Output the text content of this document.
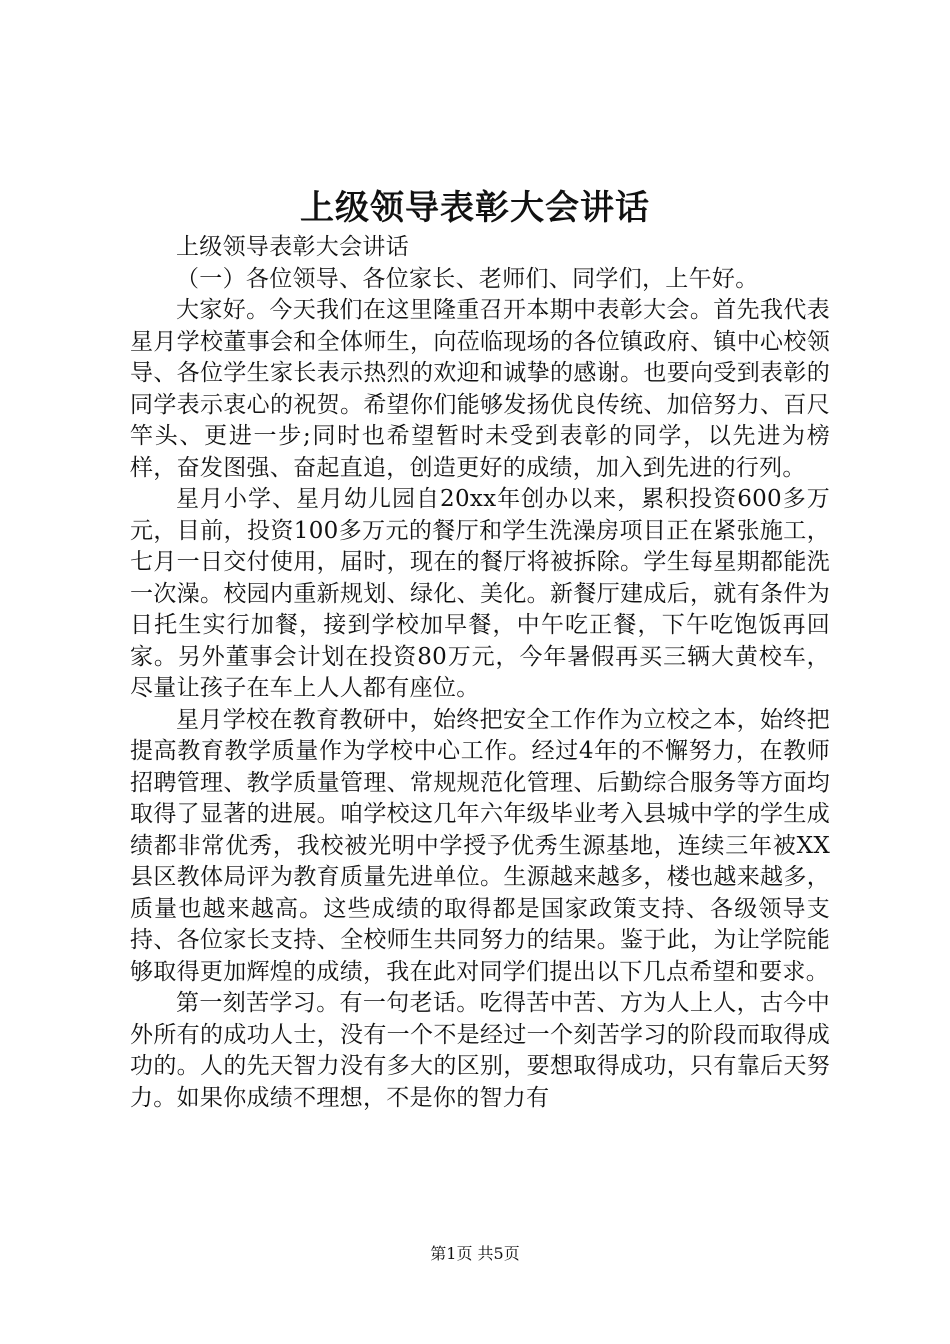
上级领导表彰大会讲话

上级领导表彰大会讲话

（一）各位领导、各位家长、老师们、同学们，上午好。

大家好。今天我们在这里隆重召开本期中表彰大会。首先我代表星月学校董事会和全体师生，向莅临现场的各位镇政府、镇中心校领导、各位学生家长表示热烈的欢迎和诚挚的感谢。也要向受到表彰的同学表示衷心的祝贺。希望你们能够发扬优良传统、加倍努力、百尺竿头、更进一步;同时也希望暂时未受到表彰的同学，以先进为榜样，奋发图强、奋起直追，创造更好的成绩，加入到先进的行列。

星月小学、星月幼儿园自20xx年创办以来，累积投资600多万元，目前，投资100多万元的餐厅和学生洗澡房项目正在紧张施工，七月一日交付使用，届时，现在的餐厅将被拆除。学生每星期都能洗一次澡。校园内重新规划、绿化、美化。新餐厅建成后，就有条件为日托生实行加餐，接到学校加早餐，中午吃正餐，下午吃饱饭再回家。另外董事会计划在投资80万元，今年暑假再买三辆大黄校车，尽量让孩子在车上人人都有座位。

星月学校在教育教研中，始终把安全工作作为立校之本，始终把提高教育教学质量作为学校中心工作。经过4年的不懈努力，在教师招聘管理、教学质量管理、常规规范化管理、后勤综合服务等方面均取得了显著的进展。咱学校这几年六年级毕业考入县城中学的学生成绩都非常优秀，我校被光明中学授予优秀生源基地，连续三年被XX县区教体局评为教育质量先进单位。生源越来越多，楼也越来越多，质量也越来越高。这些成绩的取得都是国家政策支持、各级领导支持、各位家长支持、全校师生共同努力的结果。鉴于此，为让学院能够取得更加辉煌的成绩，我在此对同学们提出以下几点希望和要求。

第一刻苦学习。有一句老话。吃得苦中苦、方为人上人，古今中外所有的成功人士，没有一个不是经过一个刻苦学习的阶段而取得成功的。人的先天智力没有多大的区别，要想取得成功，只有靠后天努力。如果你成绩不理想，不是你的智力有

第1页 共5页
